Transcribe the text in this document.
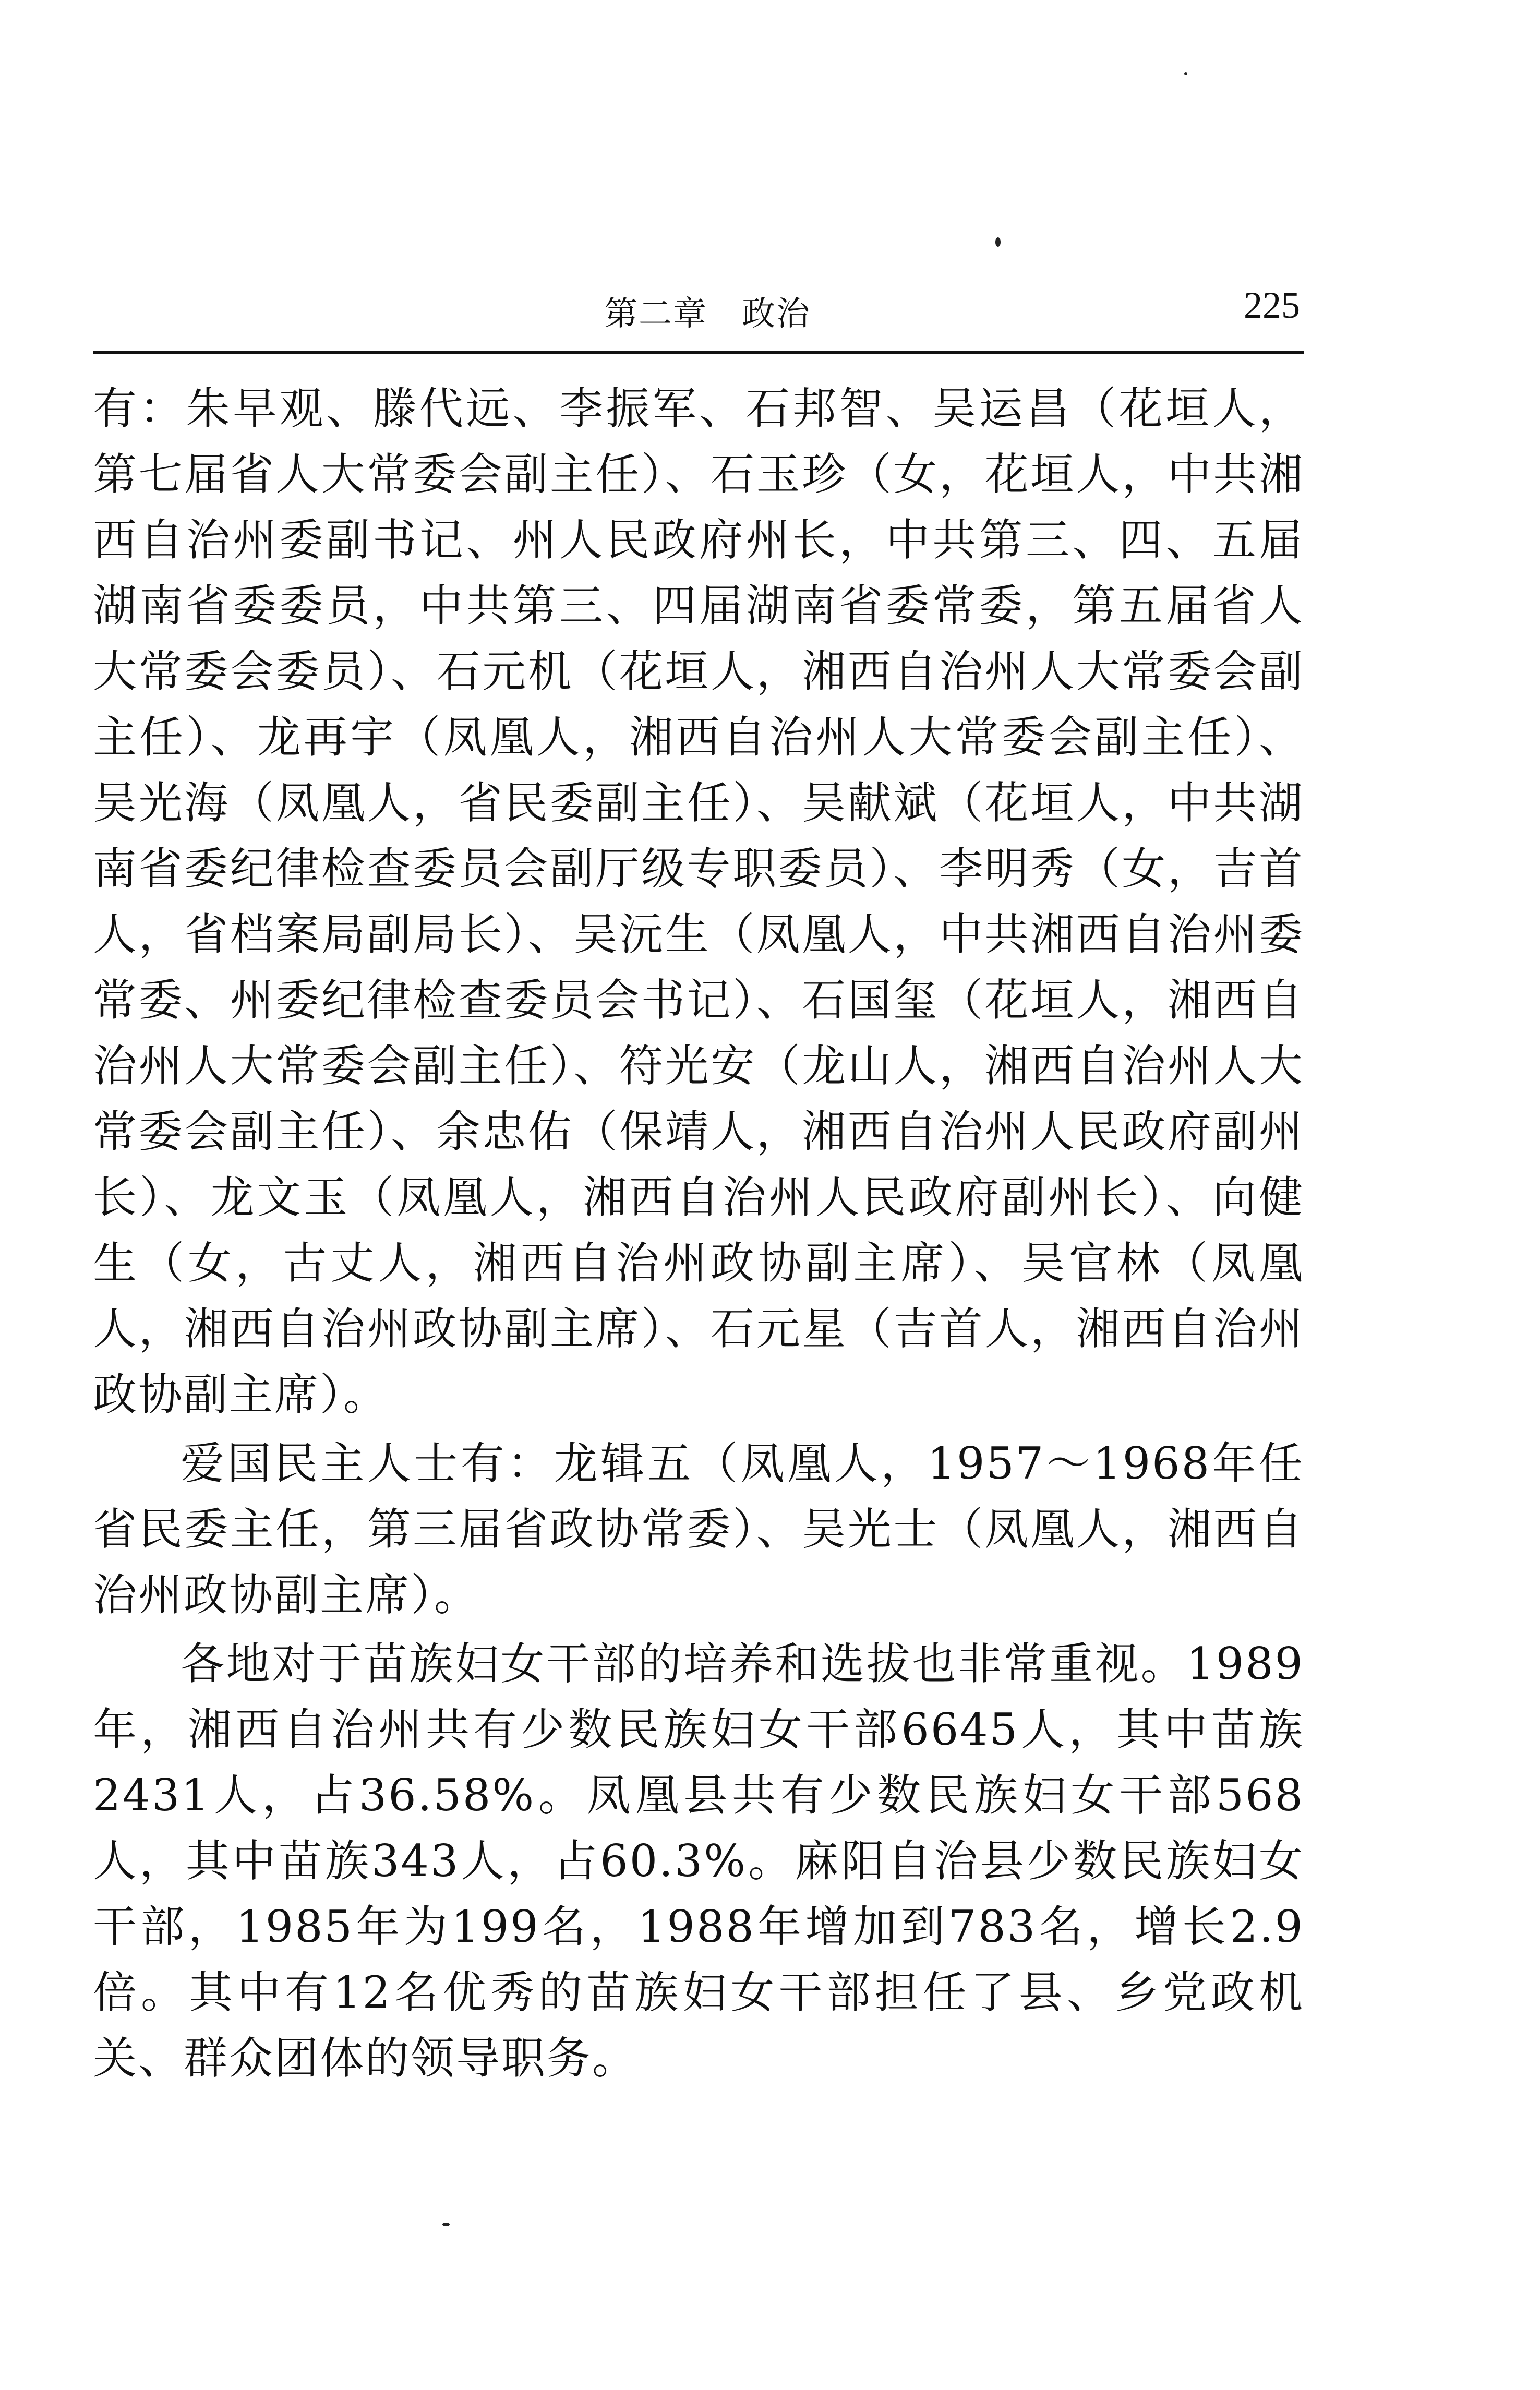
第二章　政治	225

有：朱早观、滕代远、李振军、石邦智、吴运昌（花垣人，第七届省人大常委会副主任）、石玉珍（女，花垣人，中共湘西自治州委副书记、州人民政府州长，中共第三、四、五届湖南省委委员，中共第三、四届湖南省委常委，第五届省人大常委会委员）、石元机（花垣人，湘西自治州人大常委会副主任）、龙再宇（凤凰人，湘西自治州人大常委会副主任）、吴光海（凤凰人，省民委副主任）、吴献斌（花垣人，中共湖南省委纪律检查委员会副厅级专职委员）、李明秀（女，吉首人，省档案局副局长）、吴沅生（凤凰人，中共湘西自治州委常委、州委纪律检查委员会书记）、石国玺（花垣人，湘西自治州人大常委会副主任）、符光安（龙山人，湘西自治州人大常委会副主任）、余忠佑（保靖人，湘西自治州人民政府副州长）、龙文玉（凤凰人，湘西自治州人民政府副州长）、向健生（女，古丈人，湘西自治州政协副主席）、吴官林（凤凰人，湘西自治州政协副主席）、石元星（吉首人，湘西自治州政协副主席）。

爱国民主人士有：龙辑五（凤凰人，1957～1968年任省民委主任，第三届省政协常委）、吴光士（凤凰人，湘西自治州政协副主席）。

各地对于苗族妇女干部的培养和选拔也非常重视。1989年，湘西自治州共有少数民族妇女干部6645人，其中苗族2431人，占36.58%。凤凰县共有少数民族妇女干部568人，其中苗族343人，占60.3%。麻阳自治县少数民族妇女干部，1985年为199名，1988年增加到783名，增长2.9倍。其中有12名优秀的苗族妇女干部担任了县、乡党政机关、群众团体的领导职务。
